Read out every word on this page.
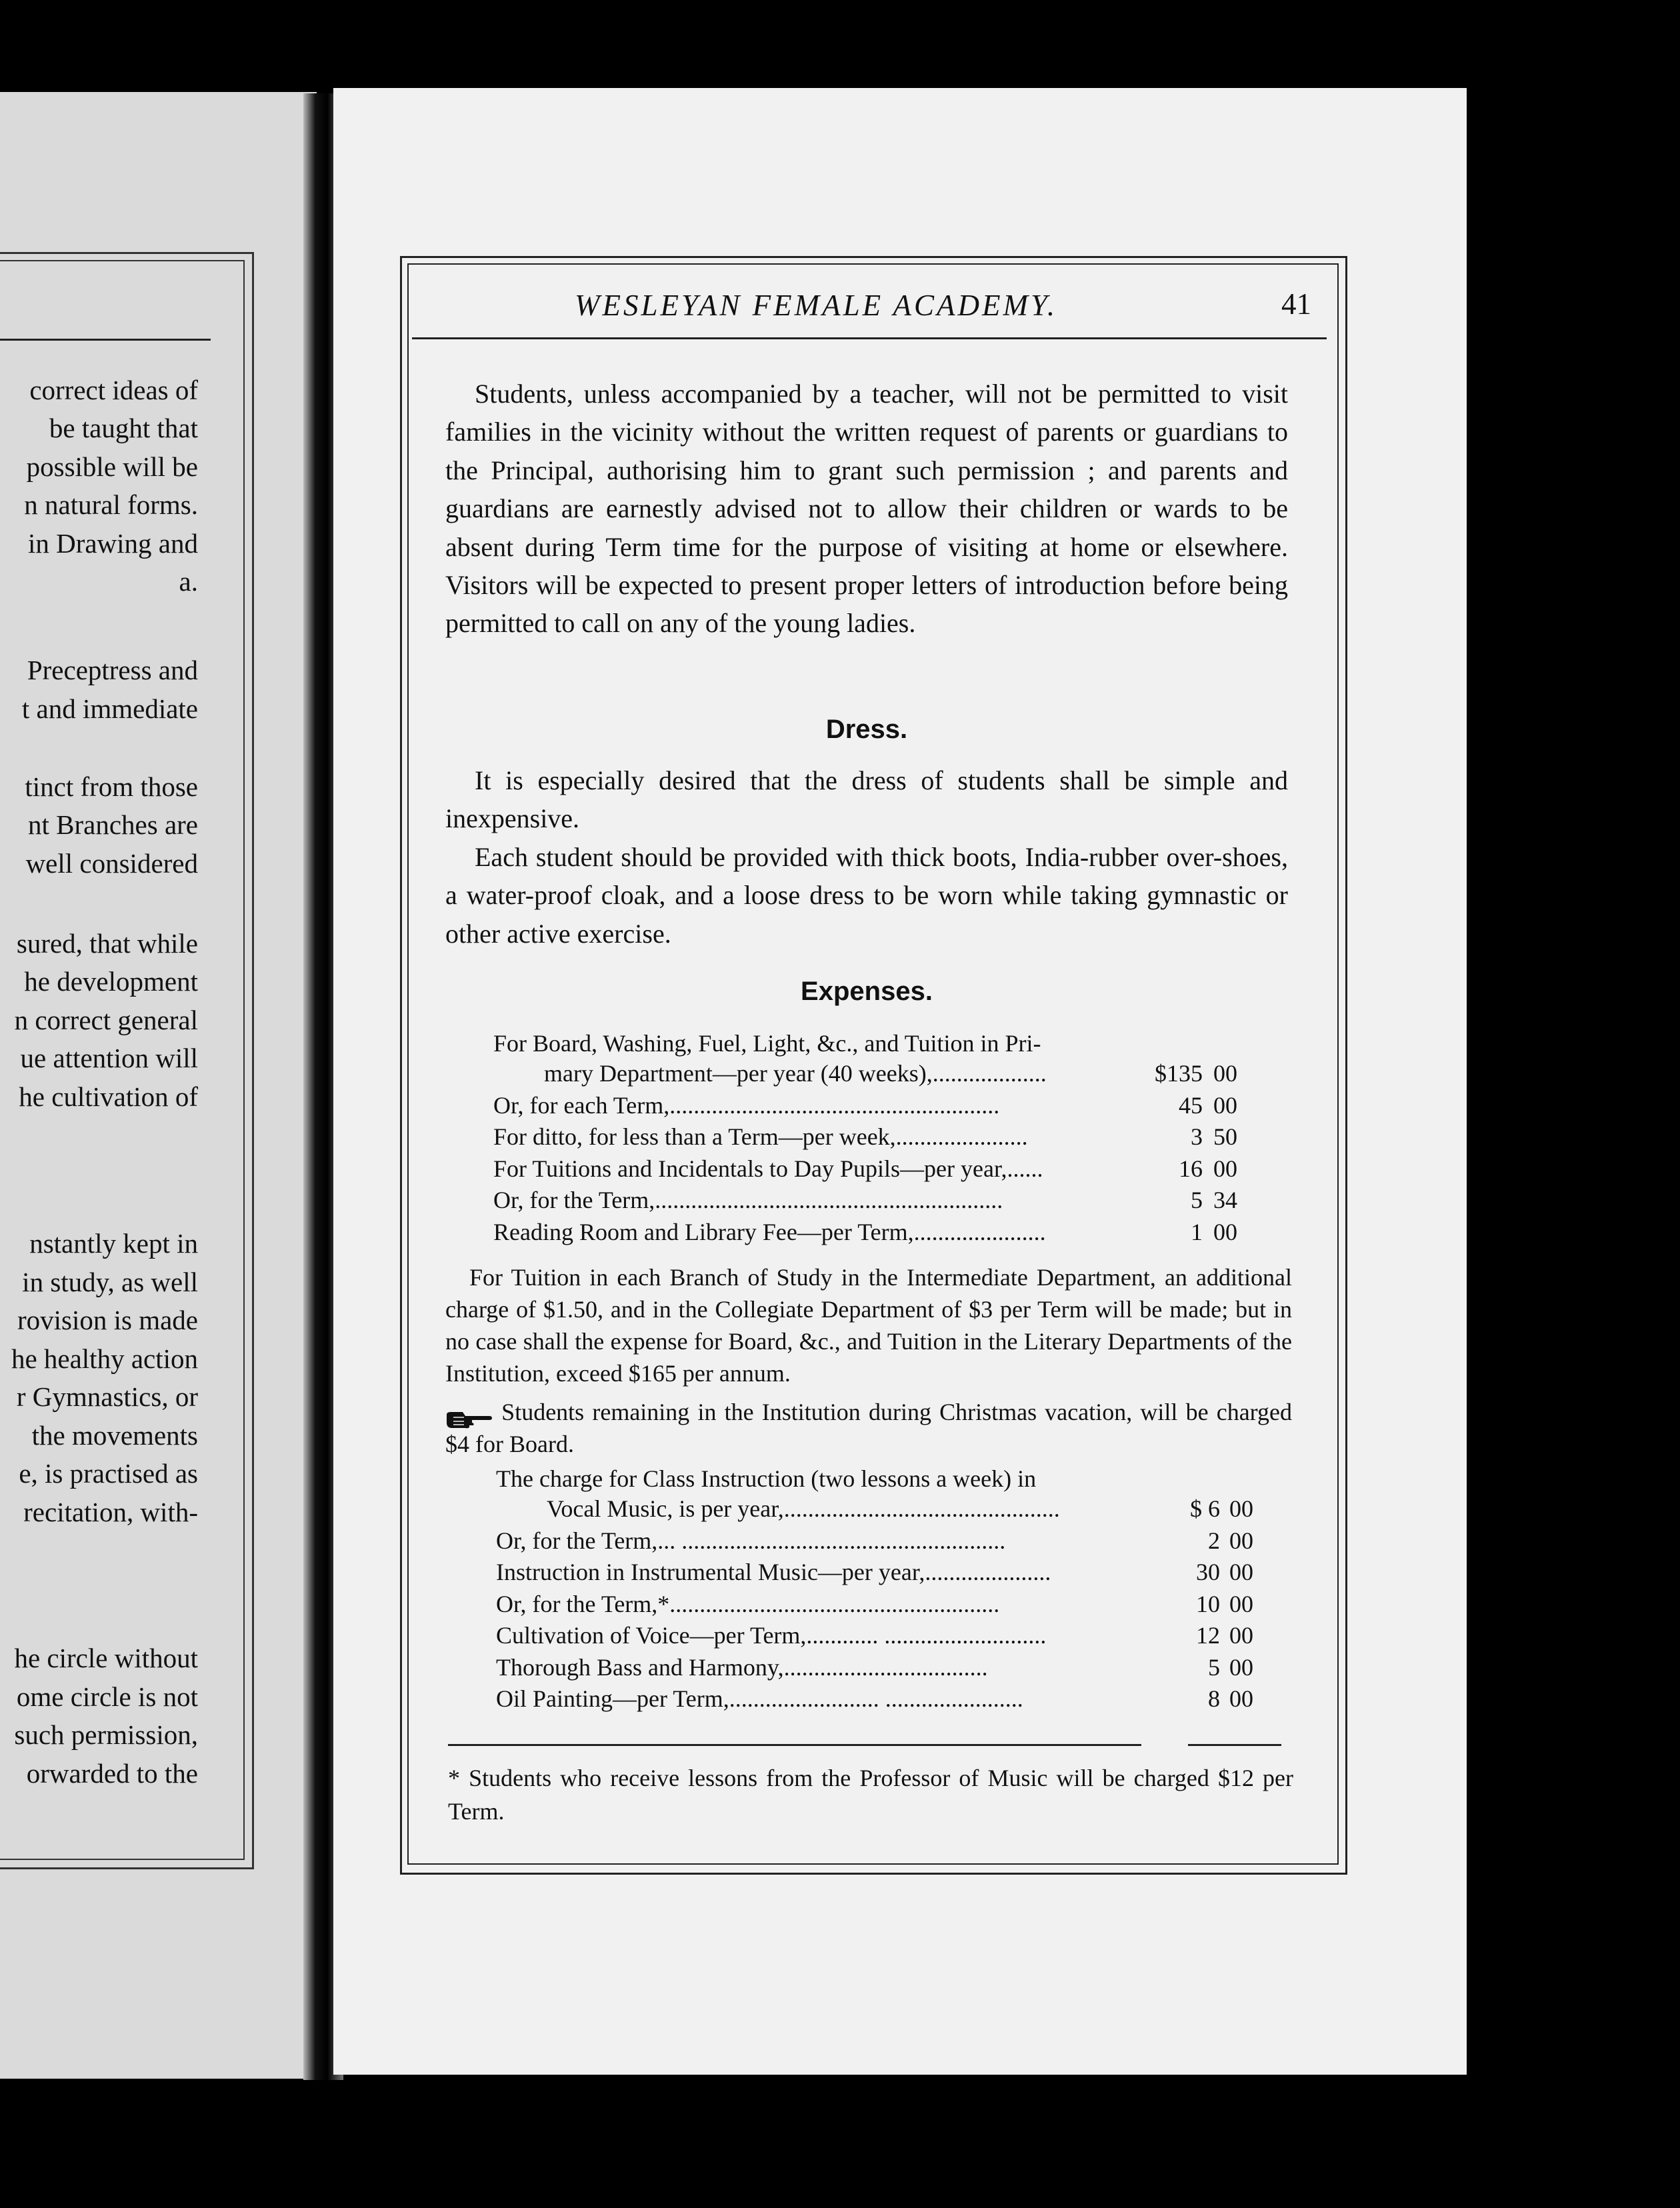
correct ideas of
be taught that
possible will be
n natural forms.
in Drawing and
a.
Preceptress and
t and immediate
tinct from those
nt Branches are
well considered
sured, that while
he development
n correct general
ue attention will
he cultivation of
nstantly kept in
in study, as well
rovision is made
he healthy action
r Gymnastics, or
the movements
e, is practised as
recitation, with-
he circle without
ome circle is not
such permission,
orwarded to the
WESLEYAN FEMALE ACADEMY.	41

Students, unless accompanied by a teacher, will not be permitted to visit families in the vicinity without the written request of parents or guardians to the Principal, authorising him to grant such permission ; and parents and guardians are earnestly advised not to allow their children or wards to be absent during Term time for the purpose of visiting at home or elsewhere. Visitors will be expected to present proper letters of introduction before being permitted to call on any of the young ladies.

Dress.

It is especially desired that the dress of students shall be simple and inexpensive.

Each student should be provided with thick boots, India-rubber over-shoes, a water-proof cloak, and a loose dress to be worn while taking gymnastic or other active exercise.

Expenses.
For Board, Washing, Fuel, Light, &c., and Tuition in Pri-
mary Department—per year (40 weeks),...................	$135 00
Or, for each Term,.......................................................	45 00
For ditto, for less than a Term—per week,......................	3 50
For Tuitions and Incidentals to Day Pupils—per year,......	16 00
Or, for the Term,..........................................................	5 34
Reading Room and Library Fee—per Term,......................	1 00

For Tuition in each Branch of Study in the Intermediate Department, an additional charge of $1.50, and in the Collegiate Department of $3 per Term will be made; but in no case shall the expense for Board, &c., and Tuition in the Literary Departments of the Institution, exceed $165 per annum.

Students remaining in the Institution during Christmas vacation, will be charged $4 for Board.

The charge for Class Instruction (two lessons a week) in
Vocal Music, is per year,..............................................	$ 6 00
Or, for the Term,... ......................................................	2 00
Instruction in Instrumental Music—per year,.....................	30 00
Or, for the Term,*.......................................................	10 00
Cultivation of Voice—per Term,............ ...........................	12 00
Thorough Bass and Harmony,..................................	5 00
Oil Painting—per Term,......................... .......................	8 00

* Students who receive lessons from the Professor of Music will be charged $12 per Term.
